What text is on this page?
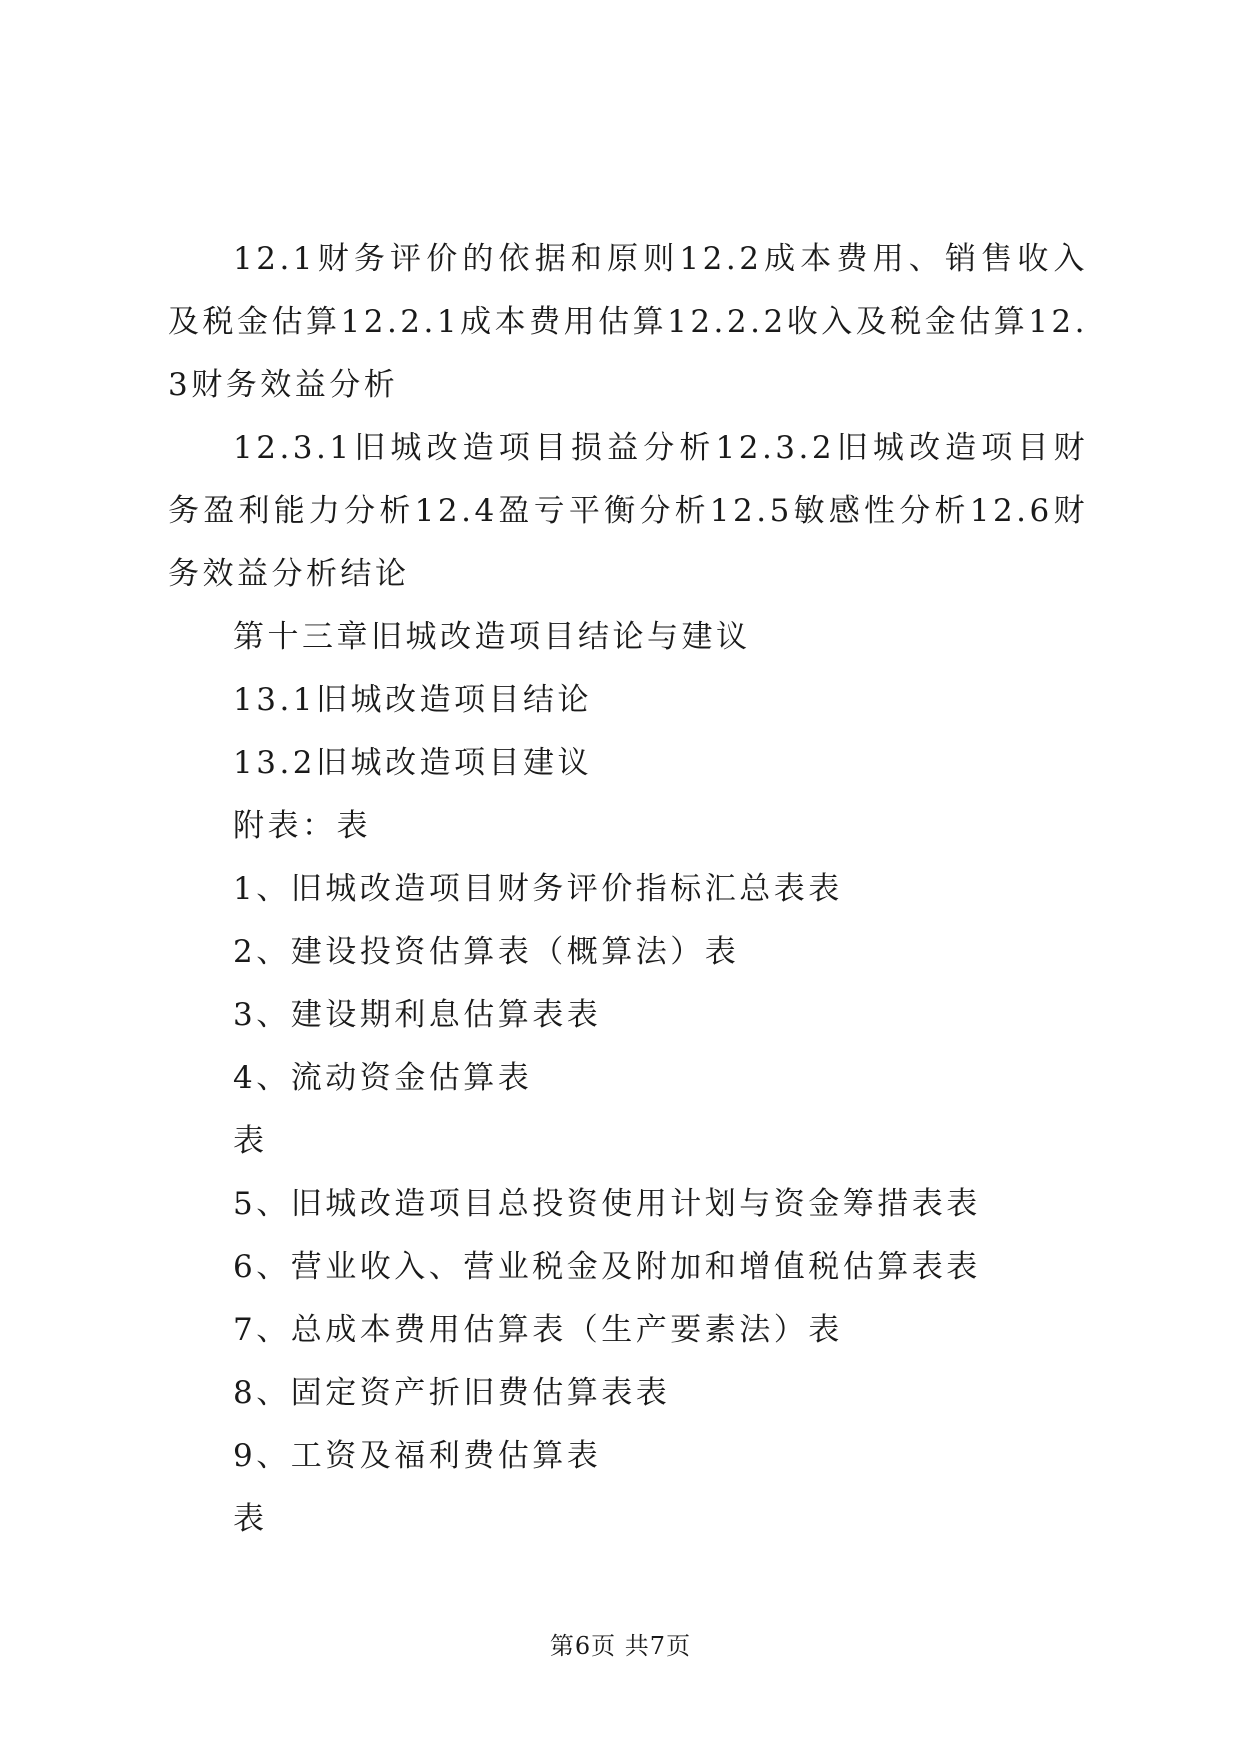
12.1财务评价的依据和原则12.2成本费用、销售收入及税金估算12.2.1成本费用估算12.2.2收入及税金估算12.3财务效益分析

12.3.1旧城改造项目损益分析12.3.2旧城改造项目财务盈利能力分析12.4盈亏平衡分析12.5敏感性分析12.6财务效益分析结论

第十三章旧城改造项目结论与建议

13.1旧城改造项目结论

13.2旧城改造项目建议

附表：表

1、旧城改造项目财务评价指标汇总表表

2、建设投资估算表（概算法）表

3、建设期利息估算表表

4、流动资金估算表

表

5、旧城改造项目总投资使用计划与资金筹措表表

6、营业收入、营业税金及附加和增值税估算表表

7、总成本费用估算表（生产要素法）表

8、固定资产折旧费估算表表

9、工资及福利费估算表

表

第6页 共7页
